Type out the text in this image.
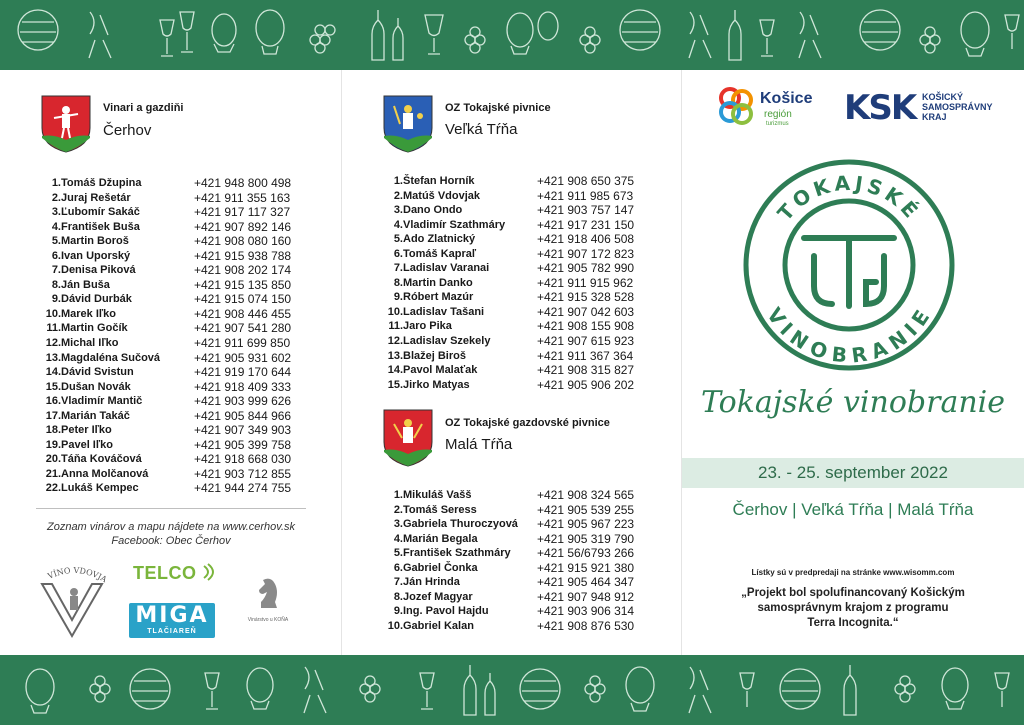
Vinari a gazdiňi
Čerhov
1. Tomáš Džupina	+421 948 800 498
2. Juraj Rešetár	+421 911 355 163
3. Ľubomír Sakáč	+421 917 117 327
4. František Buša	+421 907 892 146
5. Martin Boroš	+421 908 080 160
6. Ivan Uporský	+421 915 938 788
7. Denisa Piková	+421 908 202 174
8. Ján Buša	+421 915 135 850
9. Dávid Durbák	+421 915 074 150
10. Marek Iľko	+421 908 446 455
11. Martin Gočík	+421 907 541 280
12. Michal Iľko	+421 911 699 850
13. Magdaléna Sučová	+421 905 931 602
14. Dávid Svistun	+421 919 170 644
15. Dušan Novák	+421 918 409 333
16. Vladimír Mantič	+421 903 999 626
17. Marián Takáč	+421 905 844 966
18. Peter Iľko	+421 907 349 903
19. Pavel Iľko	+421 905 399 758
20. Táňa Kováčová	+421 918 668 030
21. Anna Molčanová	+421 903 712 855
22. Lukáš Kempec	+421 944 274 755
Zoznam vinárov a mapu nájdete na www.cerhov.sk
Facebook: Obec Čerhov
VÍNO VDOVJA TELCO
MIGA
TLAČIAREŇ
Vinárstvo u KOŇA
OZ Tokajské pivnice
Veľká Tŕňa
1. Štefan Horník	+421 908 650 375
2. Matúš Vdovjak	+421 911 985 673
3. Dano Ondo	+421 903 757 147
4. Vladimír Szathmáry	+421 917 231 150
5. Ado Zlatnický	+421 918 406 508
6. Tomáš Kapraľ	+421 907 172 823
7. Ladislav Varanai	+421 905 782 990
8. Martin Danko	+421 911 915 962
9. Róbert Mazúr	+421 915 328 528
10. Ladislav Tašani	+421 907 042 603
11. Jaro Pika	+421 908 155 908
12. Ladislav Szekely	+421 907 615 923
13. Blažej Biroš	+421 911 367 364
14. Pavol Malaťak	+421 908 315 827
15. Jirko Matyas	+421 905 906 202
OZ Tokajské gazdovské pivnice
Malá Tŕňa
1. Mikuláš Vašš	+421 908 324 565
2. Tomáš Seress	+421 905 539 255
3. Gabriela Thuroczyová +421 905 967 223
4. Marián Begala	+421 905 319 790
5. František Szathmáry +421 56/6793 266
6. Gabriel Čonka	+421 915 921 380
7. Ján Hrinda	+421 905 464 347
8. Jozef Magyar	+421 907 948 912
9. Ing. Pavol Hajdu	+421 903 906 314
10. Gabriel Kalan	+421 908 876 530
Košice
región
turizmus KSK KOŠICKÝ
SAMOSPRÁVNY
KRAJ
TOKAJSKÉ
VINOBRANIE
Tokajské vinobranie
23. - 25. september 2022
Čerhov | Veľká Tŕňa | Malá Tŕňa
Lístky sú v predpredaji na stránke www.wisomm.com
„Projekt bol spolufinancovaný Košickým
samosprávnym krajom z programu
Terra Incognita.“
